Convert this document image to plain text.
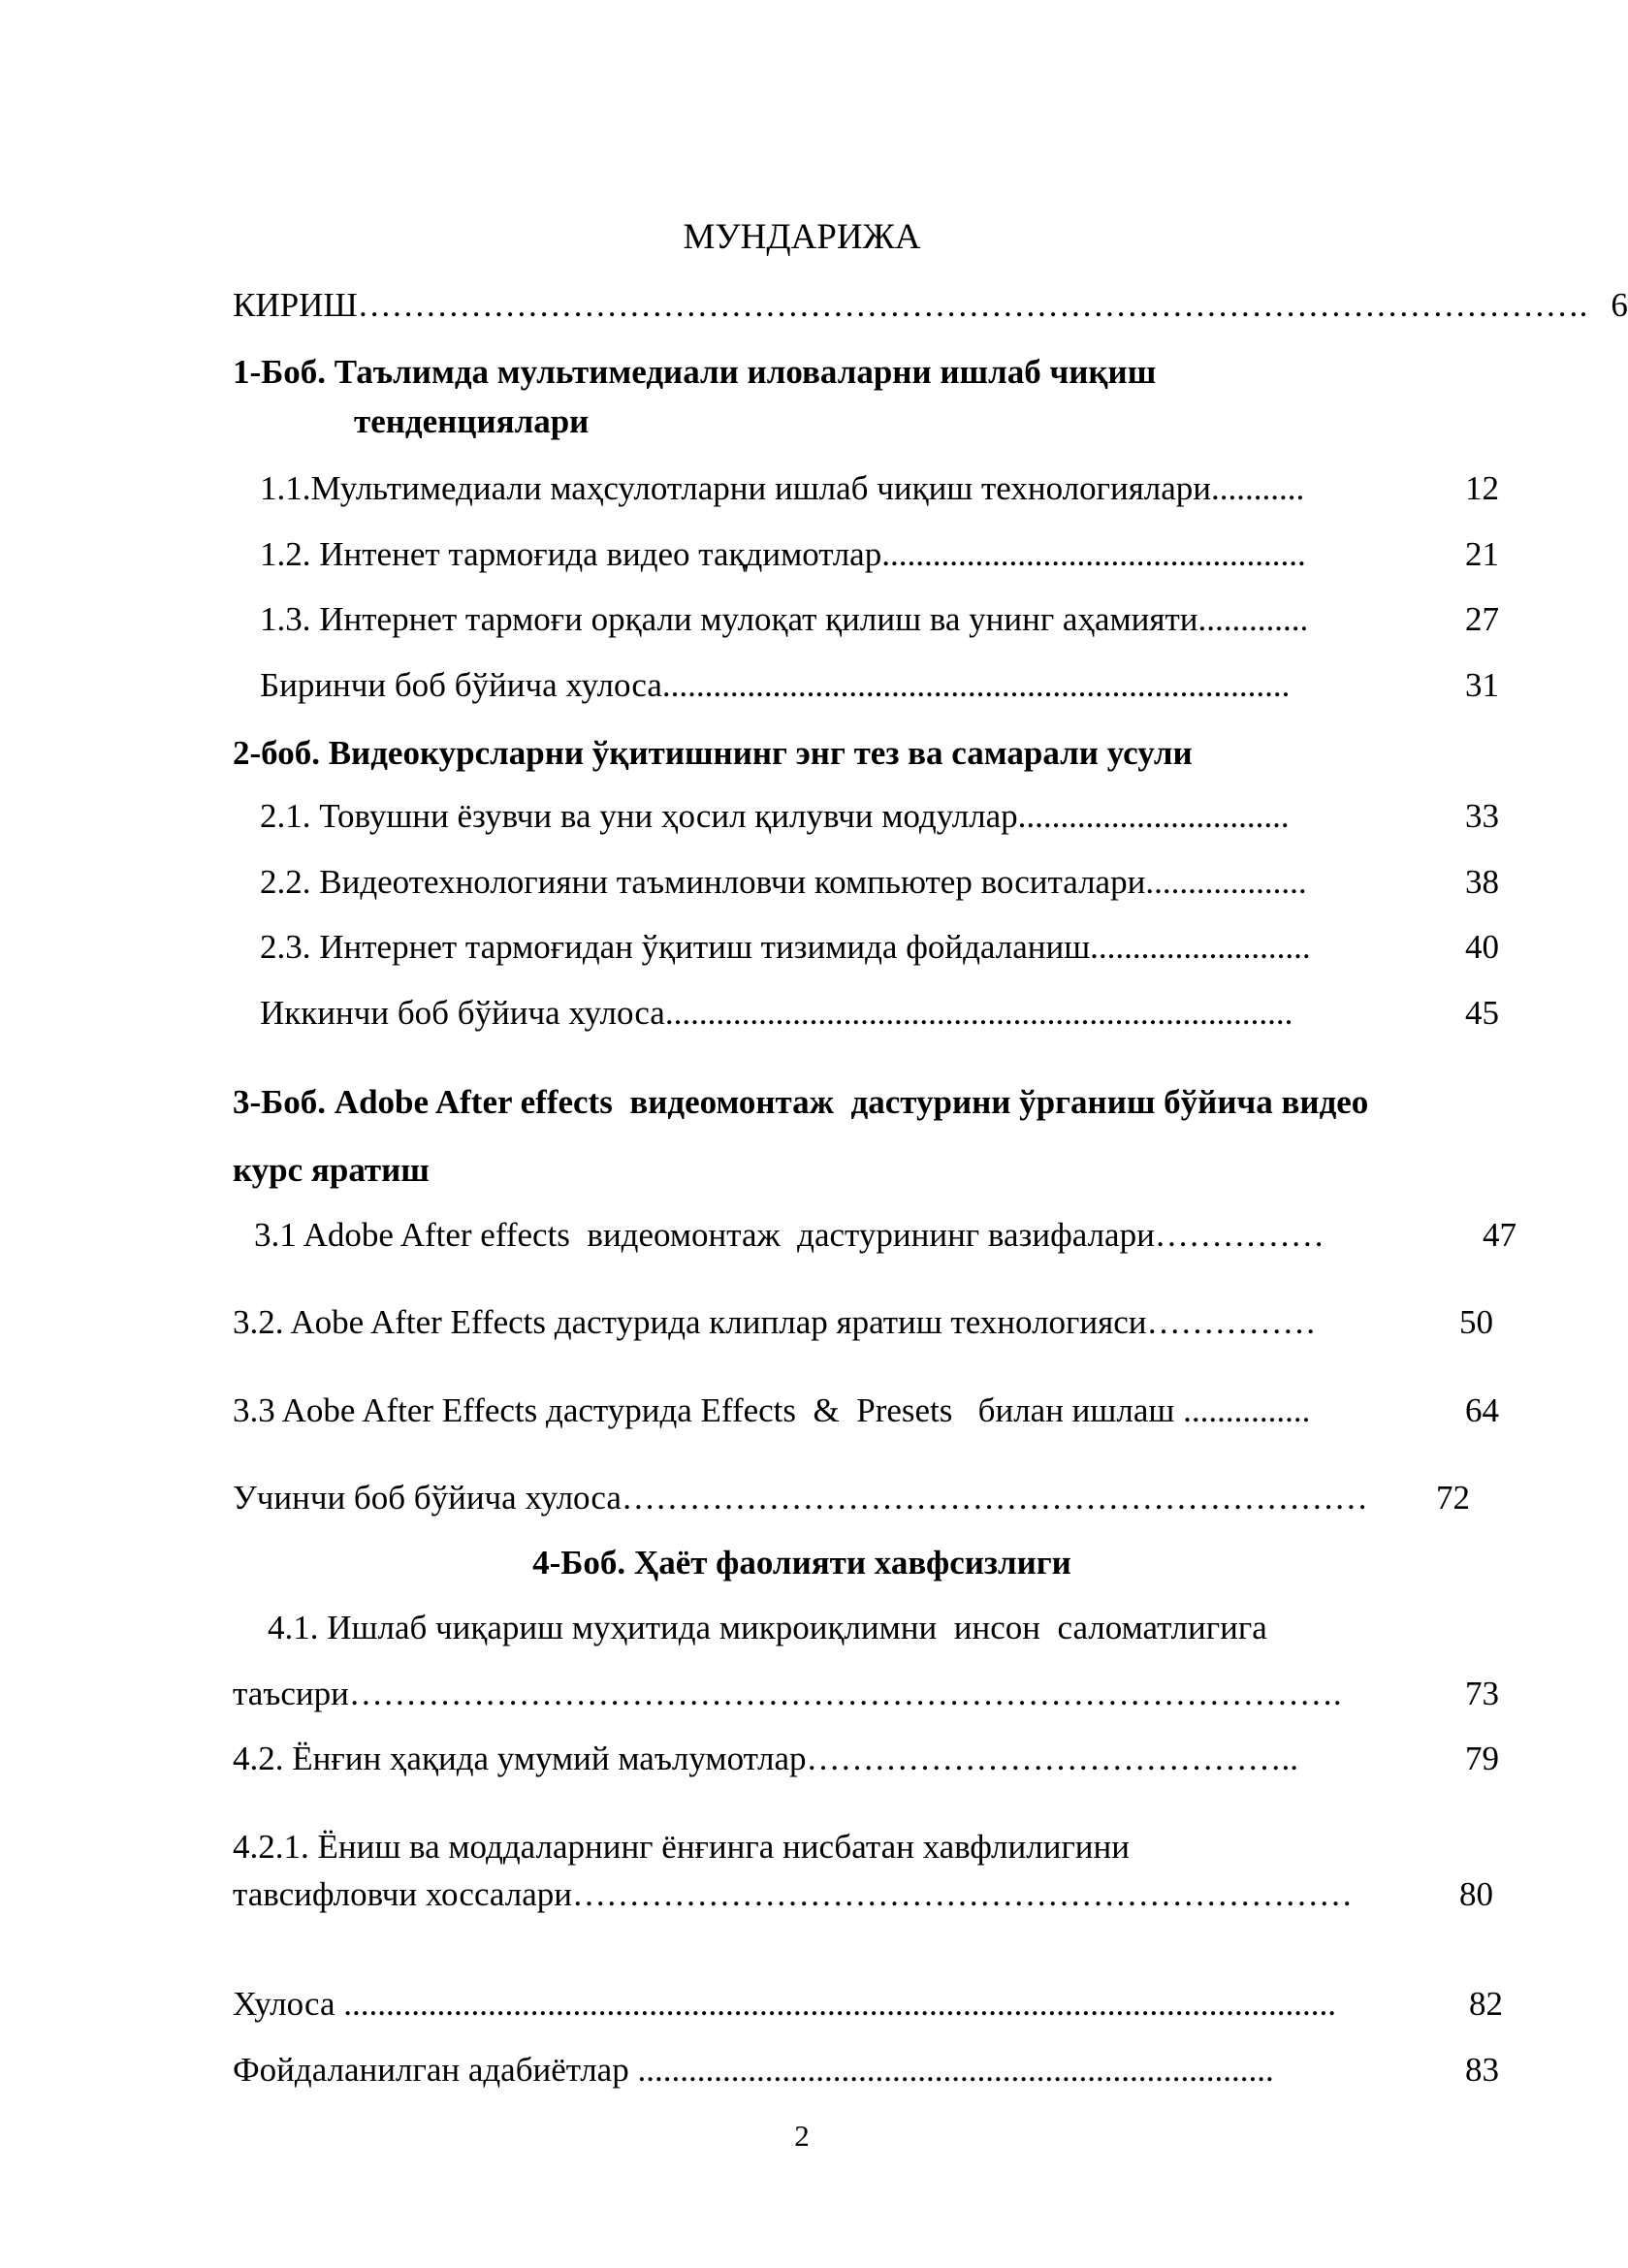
МУНДАРИЖА
КИРИШ ………………………………………………………………………………………………. 6
1-Боб. Таълимда мультимедиали иловаларни ишлаб чиқиш
тенденциялари
1.1.Мультимедиали маҳсулотларни ишлаб чиқиш технологиялари ...........	12
1.2. Интенет тармоғида видео тақдимотлар ..................................................	21
1.3. Интернет тармоғи орқали мулоқат қилиш ва унинг аҳамияти .............	27
Биринчи боб бўйича хулоса ..........................................................................	31
2-боб. Видеокурсларни ўқитишнинг энг тез ва самарали усули
2.1. Товушни ёзувчи ва уни ҳосил қилувчи модуллар ................................	33
2.2. Видеотехнологияни таъминловчи компьютер воситалари ...................	38
2.3. Интернет тармоғидан ўқитиш тизимида фойдаланиш ..........................	40
Иккинчи боб бўйича хулоса ..........................................................................	45
3-Боб. Adobe After effects  видеомонтаж  дастурини ўрганиш бўйича видео
курс яратиш
3.1 Adobe After effects  видеомонтаж  дастурининг вазифалари ……………	47
3.2. Aobe After Effects дастурида клиплар яратиш технологияси ……………	50
3.3 Aobe After Effects дастурида Effects  &  Presets   билан ишлаш ...............	64
Учинчи боб бўйича хулоса …………………………………………………………	72
4-Боб. Ҳаёт фаолияти хавфсизлиги
4.1. Ишлаб чиқариш муҳитида микроиқлимни  инсон  саломатлигига
таъсири …………………………………………………………………………….	73
4.2. Ёнғин ҳақида умумий маълумотлар ……………………………………..	79
4.2.1. Ёниш ва моддаларнинг ёнғинга нисбатан хавфлилигини
тавсифловчи хоссалари ……………………………………………………………	80
Хулоса .....................................................................................................................	82
Фойдаланилган адабиётлар ...........................................................................	83
2
